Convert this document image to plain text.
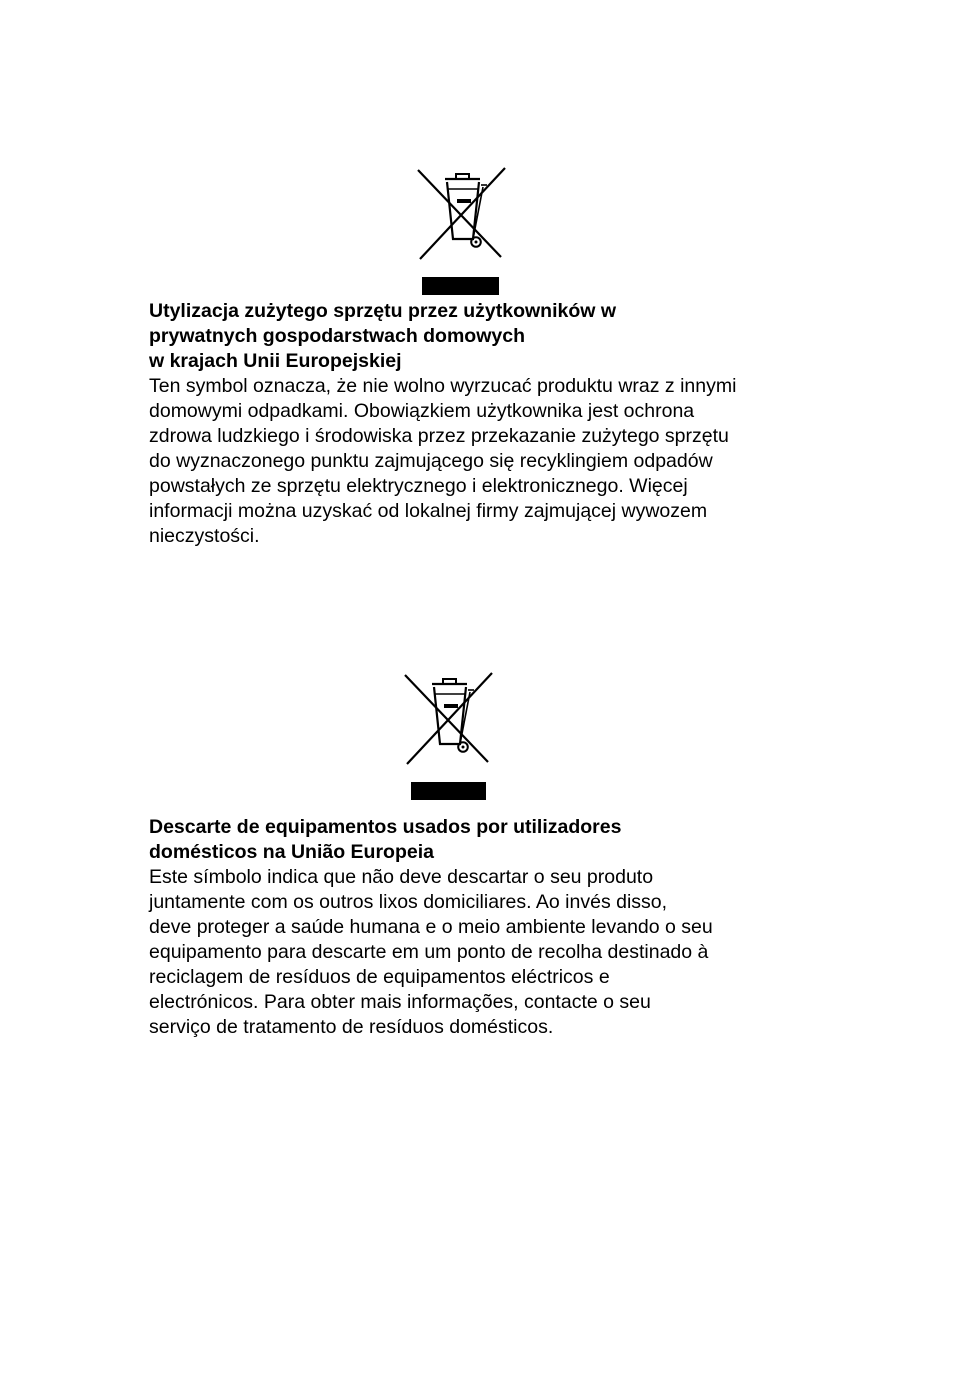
Utylizacja zużytego sprzętu przez użytkowników w
prywatnych gospodarstwach domowych
w krajach Unii Europejskiej
Ten symbol oznacza, że nie wolno wyrzucać produktu wraz z innymi
domowymi odpadkami. Obowiązkiem użytkownika jest ochrona
zdrowa ludzkiego i środowiska przez przekazanie zużytego sprzętu
do wyznaczonego punktu zajmującego się recyklingiem odpadów
powstałych ze sprzętu elektrycznego i elektronicznego. Więcej
informacji można uzyskać od lokalnej firmy zajmującej wywozem
nieczystości.
Descarte de equipamentos usados por utilizadores
domésticos na União Europeia
Este símbolo indica que não deve descartar o seu produto
juntamente com os outros lixos domiciliares. Ao invés disso,
deve proteger a saúde humana e o meio ambiente levando o seu
equipamento para descarte em um ponto de recolha destinado à
reciclagem de resíduos de equipamentos eléctricos e
electrónicos. Para obter mais informações, contacte o seu
serviço de tratamento de resíduos domésticos.
